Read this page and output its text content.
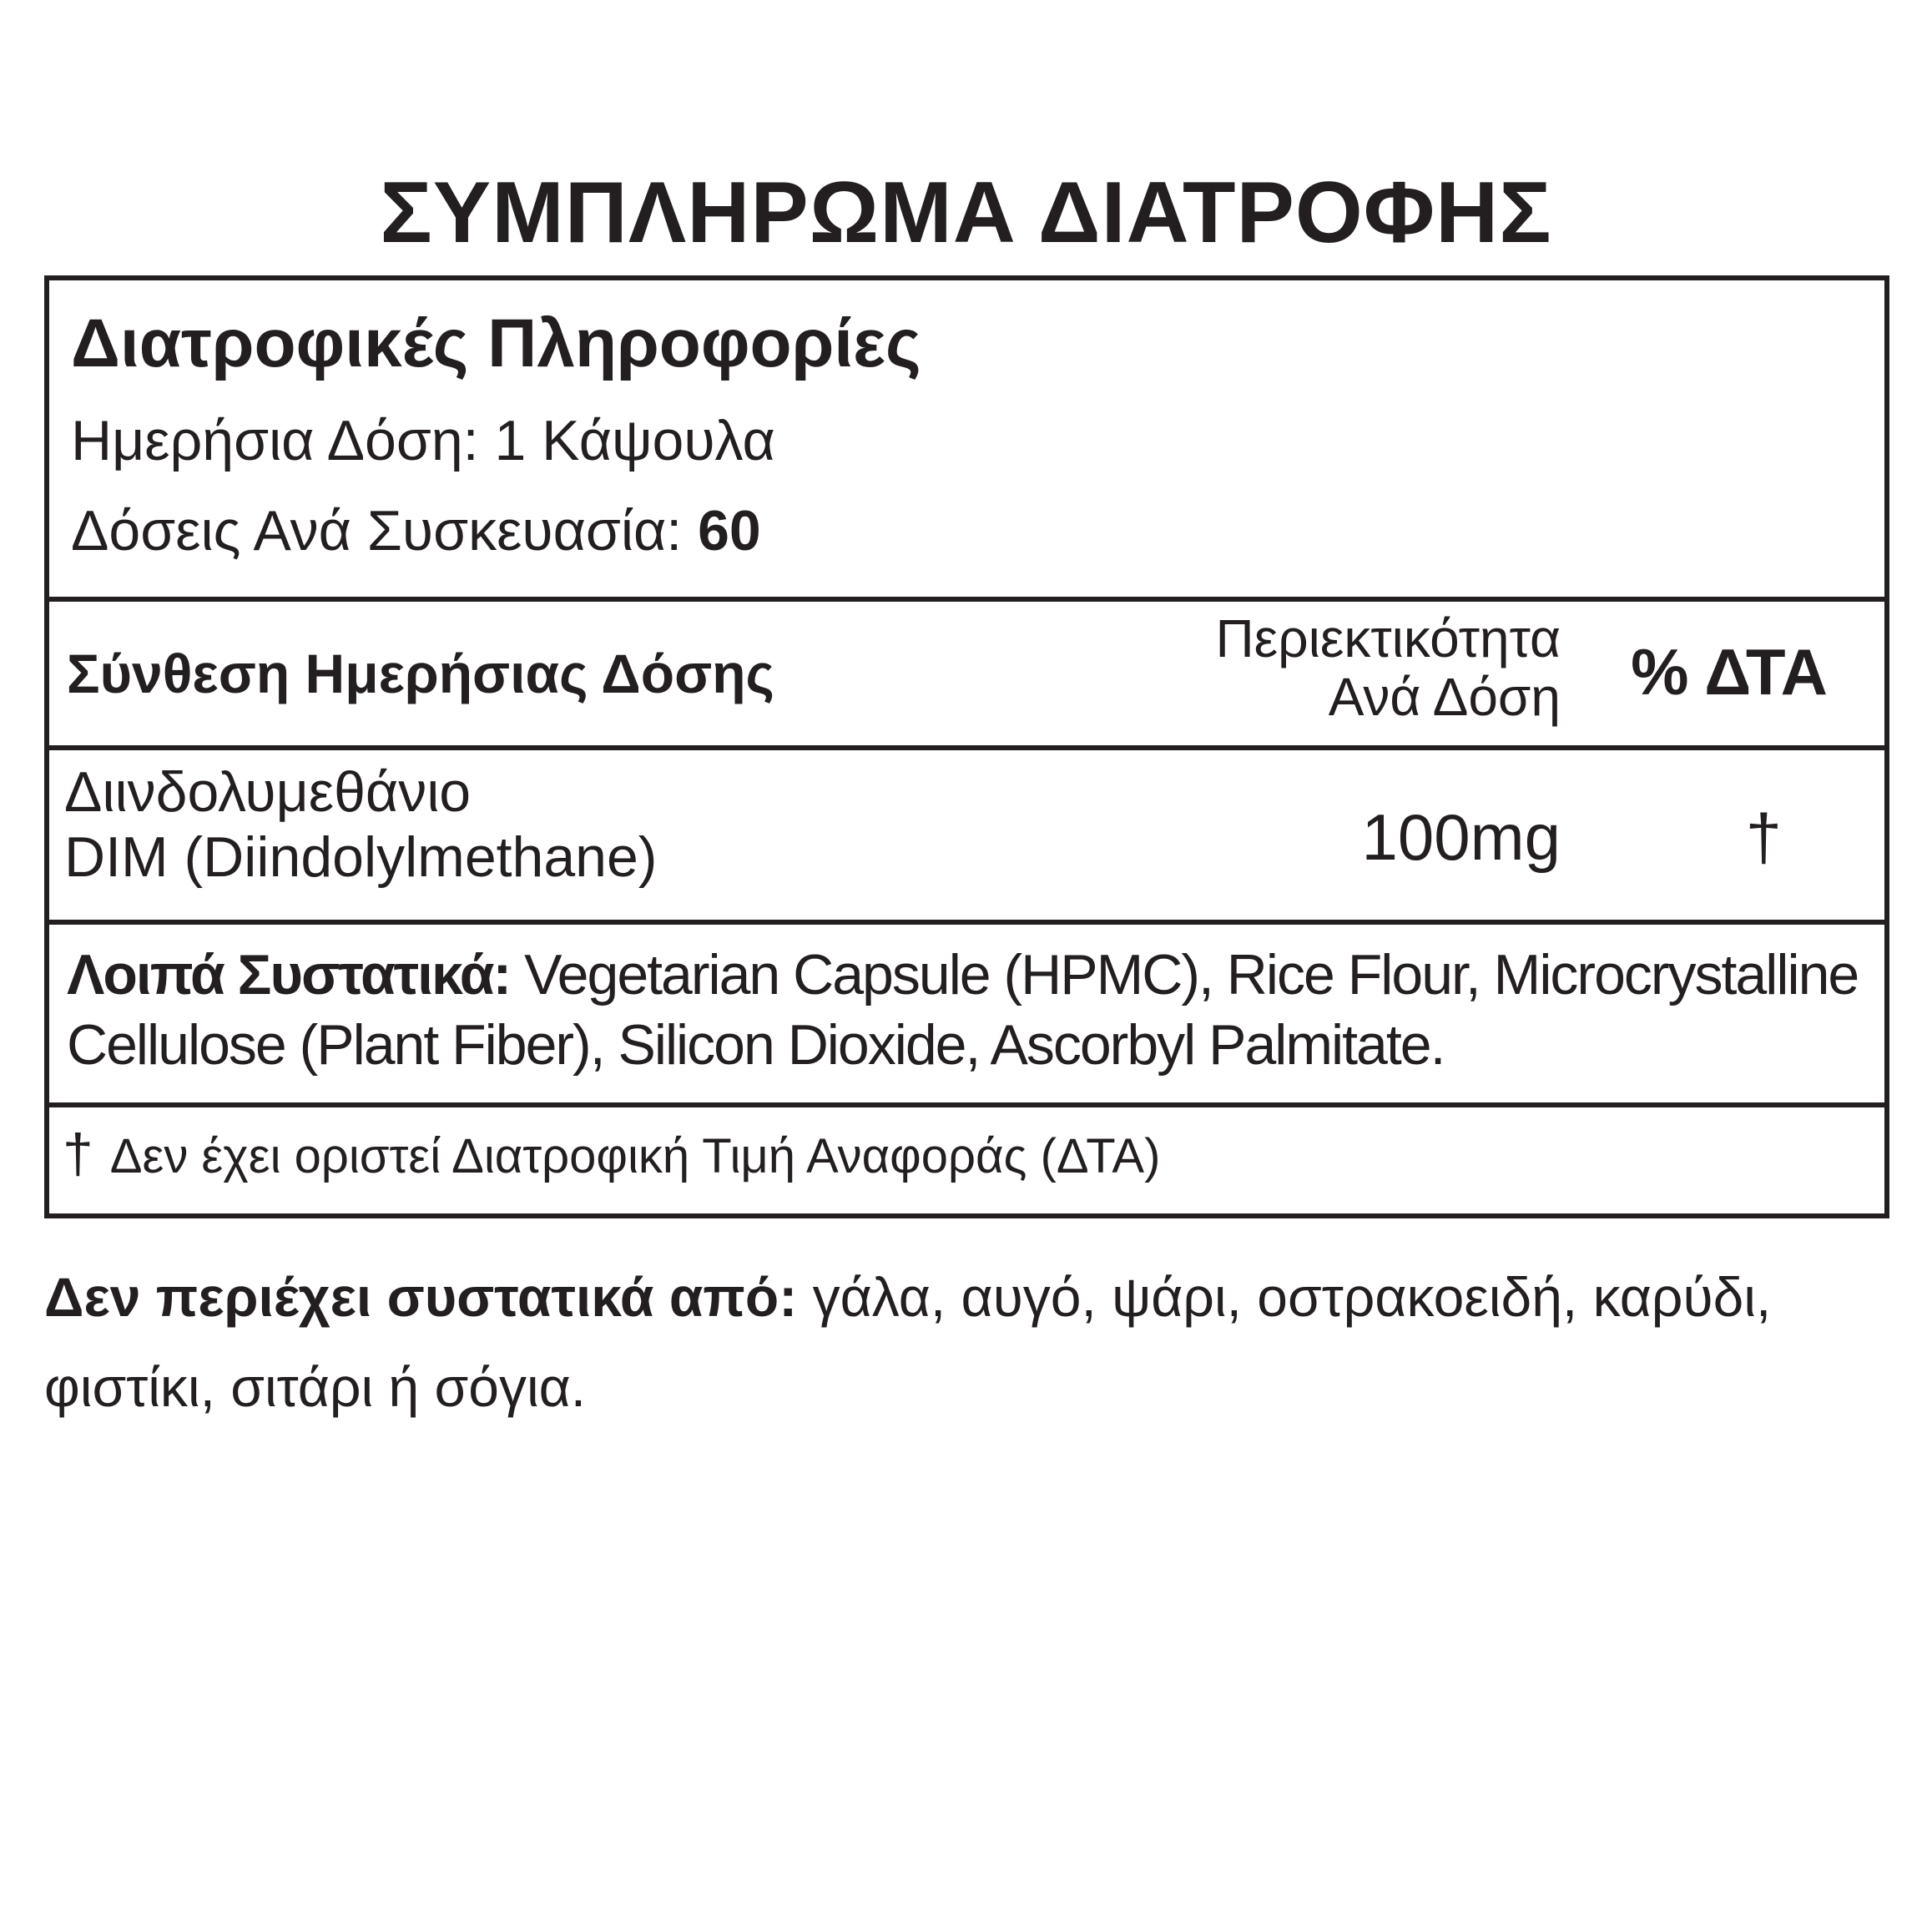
ΣΥΜΠΛΗΡΩΜΑ ΔΙΑΤΡΟΦΗΣ
Διατροφικές Πληροφορίες
Ημερήσια Δόση: 1 Κάψουλα
Δόσεις Ανά Συσκευασία: 60
Σύνθεση Ημερήσιας Δόσης
Περιεκτικότητα
Ανά Δόση % ΔΤΑ
Διινδολυμεθάνιο
DIM (Diindolylmethane)	100mg	†
Λοιπά Συστατικά: Vegetarian Capsule (HPMC), Rice Flour, Microcrystalline Cellulose (Plant Fiber), Silicon Dioxide, Ascorbyl Palmitate.
† Δεν έχει οριστεί Διατροφική Τιμή Αναφοράς (ΔΤΑ)
Δεν περιέχει συστατικά από: γάλα, αυγό, ψάρι, οστρακοειδή, καρύδι, φιστίκι, σιτάρι ή σόγια.
